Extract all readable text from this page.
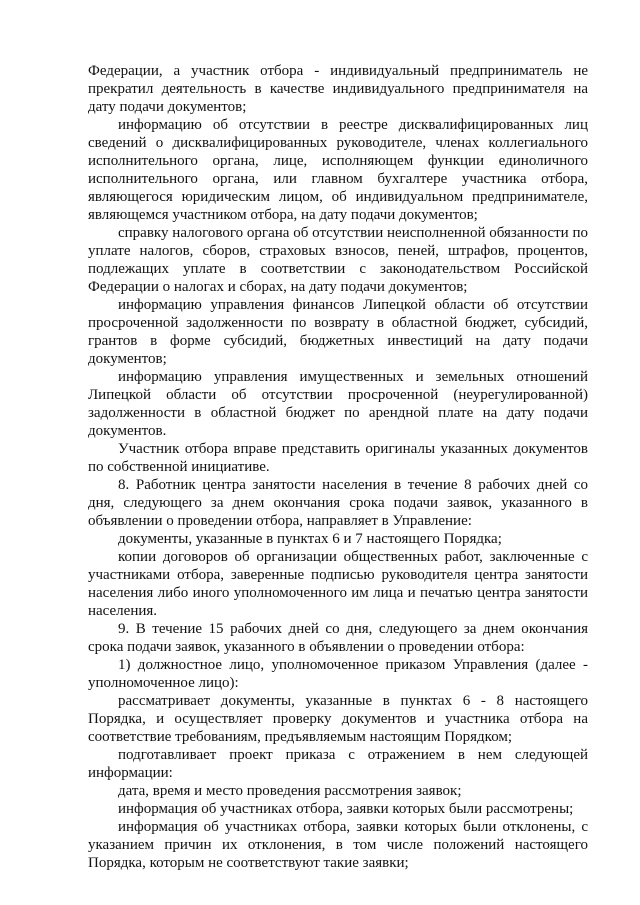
Федерации, а участник отбора - индивидуальный предприниматель не прекратил деятельность в качестве индивидуального предпринимателя на дату подачи документов;

информацию об отсутствии в реестре дисквалифицированных лиц сведений о дисквалифицированных руководителе, членах коллегиального исполнительного органа, лице, исполняющем функции единоличного исполнительного органа, или главном бухгалтере участника отбора, являющегося юридическим лицом, об индивидуальном предпринимателе, являющемся участником отбора, на дату подачи документов;

справку налогового органа об отсутствии неисполненной обязанности по уплате налогов, сборов, страховых взносов, пеней, штрафов, процентов, подлежащих уплате в соответствии с законодательством Российской Федерации о налогах и сборах, на дату подачи документов;

информацию управления финансов Липецкой области об отсутствии просроченной задолженности по возврату в областной бюджет, субсидий, грантов в форме субсидий, бюджетных инвестиций на дату подачи документов;

информацию управления имущественных и земельных отношений Липецкой области об отсутствии просроченной (неурегулированной) задолженности в областной бюджет по арендной плате на дату подачи документов.

Участник отбора вправе представить оригиналы указанных документов по собственной инициативе.

8. Работник центра занятости населения в течение 8 рабочих дней со дня, следующего за днем окончания срока подачи заявок, указанного в объявлении о проведении отбора, направляет в Управление:

документы, указанные в пунктах 6 и 7 настоящего Порядка;

копии договоров об организации общественных работ, заключенные с участниками отбора, заверенные подписью руководителя центра занятости населения либо иного уполномоченного им лица и печатью центра занятости населения.

9. В течение 15 рабочих дней со дня, следующего за днем окончания срока подачи заявок, указанного в объявлении о проведении отбора:

1) должностное лицо, уполномоченное приказом Управления (далее - уполномоченное лицо):

рассматривает документы, указанные в пунктах 6 - 8 настоящего Порядка, и осуществляет проверку документов и участника отбора на соответствие требованиям, предъявляемым настоящим Порядком;

подготавливает проект приказа с отражением в нем следующей информации:

дата, время и место проведения рассмотрения заявок;

информация об участниках отбора, заявки которых были рассмотрены;

информация об участниках отбора, заявки которых были отклонены, с указанием причин их отклонения, в том числе положений настоящего Порядка, которым не соответствуют такие заявки;
